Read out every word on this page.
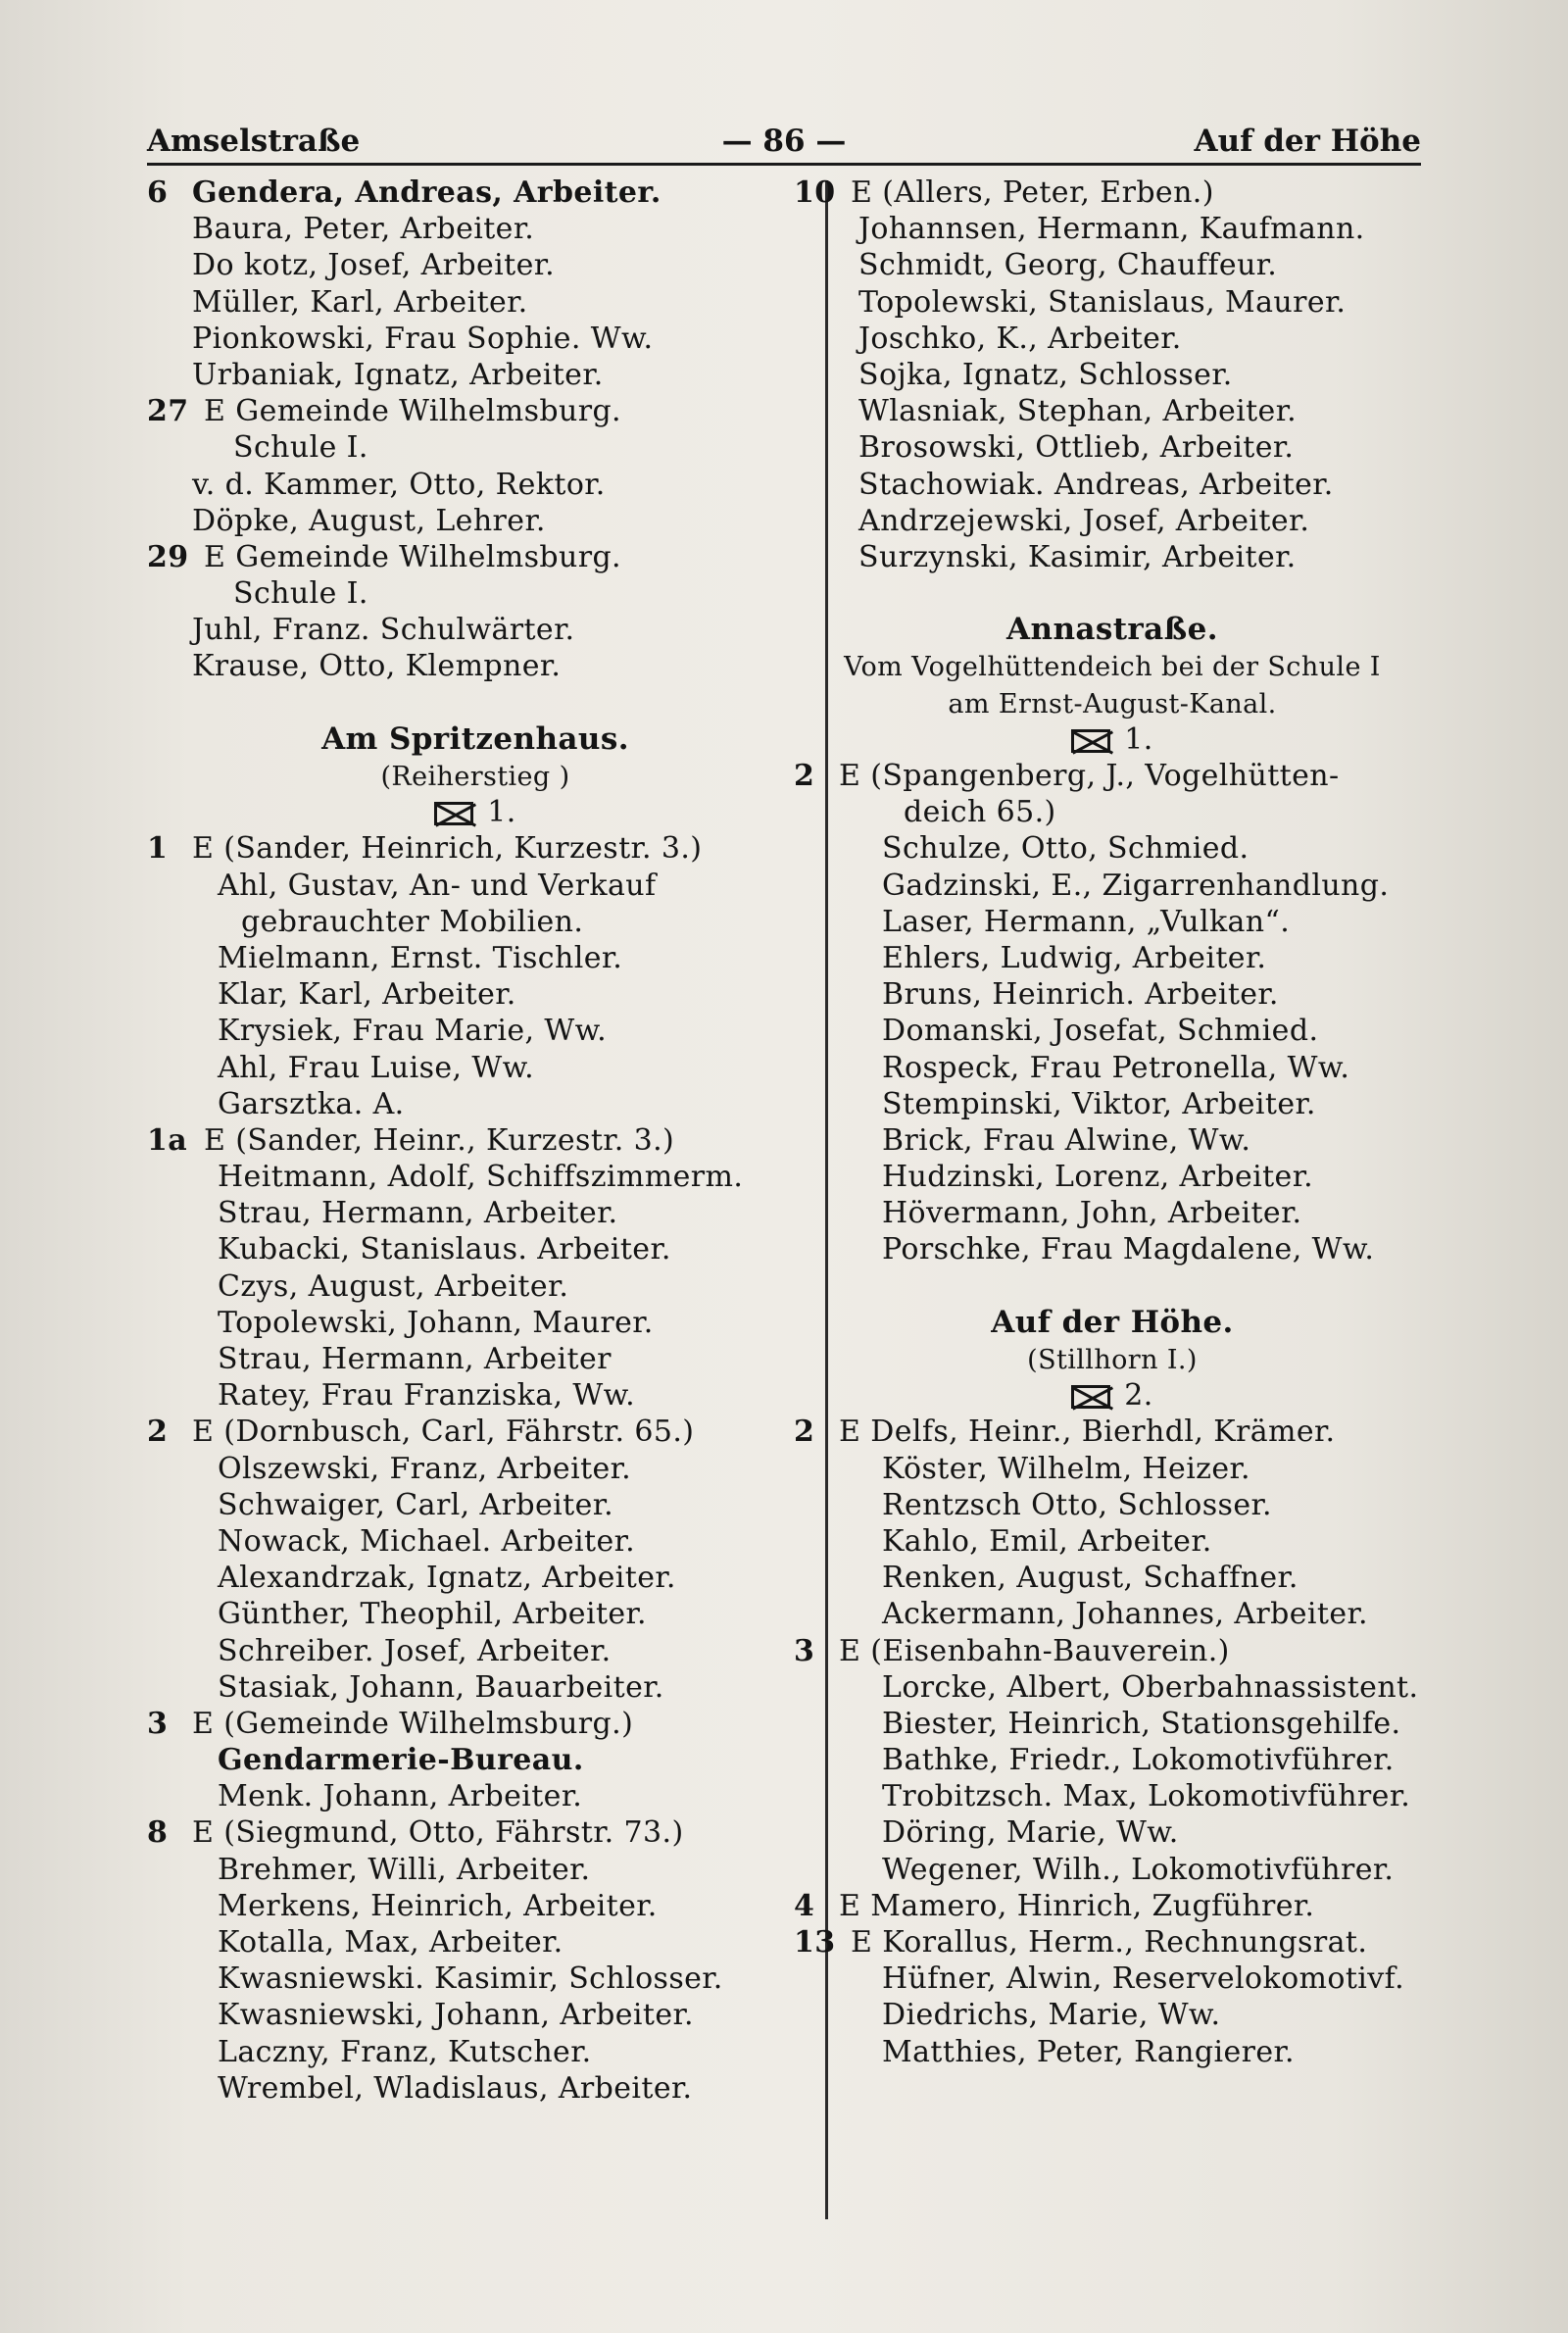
Amselstraße	— 86 —	Auf der Höhe
6 Gendera, Andreas, Arbeiter.
Baura, Peter, Arbeiter.
Do kotz, Josef, Arbeiter.
Müller, Karl, Arbeiter.
Pionkowski, Frau Sophie. Ww.
Urbaniak, Ignatz, Arbeiter.
27 E Gemeinde Wilhelmsburg.
Schule I.
v. d. Kammer, Otto, Rektor.
Döpke, August, Lehrer.
29 E Gemeinde Wilhelmsburg.
Schule I.
Juhl, Franz. Schulwärter.
Krause, Otto, Klempner.
Am Spritzenhaus.
(Reiherstieg )
1.
1 E (Sander, Heinrich, Kurzestr. 3.)
Ahl, Gustav, An- und Verkauf
gebrauchter Mobilien.
Mielmann, Ernst. Tischler.
Klar, Karl, Arbeiter.
Krysiek, Frau Marie, Ww.
Ahl, Frau Luise, Ww.
Garsztka. A.
1a E (Sander, Heinr., Kurzestr. 3.)
Heitmann, Adolf, Schiffszimmerm.
Strau, Hermann, Arbeiter.
Kubacki, Stanislaus. Arbeiter.
Czys, August, Arbeiter.
Topolewski, Johann, Maurer.
Strau, Hermann, Arbeiter
Ratey, Frau Franziska, Ww.
2 E (Dornbusch, Carl, Fährstr. 65.)
Olszewski, Franz, Arbeiter.
Schwaiger, Carl, Arbeiter.
Nowack, Michael. Arbeiter.
Alexandrzak, Ignatz, Arbeiter.
Günther, Theophil, Arbeiter.
Schreiber. Josef, Arbeiter.
Stasiak, Johann, Bauarbeiter.
3 E (Gemeinde Wilhelmsburg.)
Gendarmerie-Bureau.
Menk. Johann, Arbeiter.
8 E (Siegmund, Otto, Fährstr. 73.)
Brehmer, Willi, Arbeiter.
Merkens, Heinrich, Arbeiter.
Kotalla, Max, Arbeiter.
Kwasniewski. Kasimir, Schlosser.
Kwasniewski, Johann, Arbeiter.
Laczny, Franz, Kutscher.
Wrembel, Wladislaus, Arbeiter.
10 E (Allers, Peter, Erben.)
Johannsen, Hermann, Kaufmann.
Schmidt, Georg, Chauffeur.
Topolewski, Stanislaus, Maurer.
Joschko, K., Arbeiter.
Sojka, Ignatz, Schlosser.
Wlasniak, Stephan, Arbeiter.
Brosowski, Ottlieb, Arbeiter.
Stachowiak. Andreas, Arbeiter.
Andrzejewski, Josef, Arbeiter.
Surzynski, Kasimir, Arbeiter.
Annastraße.
Vom Vogelhüttendeich bei der Schule I
am Ernst-August-Kanal.
1.
2 E (Spangenberg, J., Vogelhütten-
deich 65.)
Schulze, Otto, Schmied.
Gadzinski, E., Zigarrenhandlung.
Laser, Hermann, „Vulkan“.
Ehlers, Ludwig, Arbeiter.
Bruns, Heinrich. Arbeiter.
Domanski, Josefat, Schmied.
Rospeck, Frau Petronella, Ww.
Stempinski, Viktor, Arbeiter.
Brick, Frau Alwine, Ww.
Hudzinski, Lorenz, Arbeiter.
Hövermann, John, Arbeiter.
Porschke, Frau Magdalene, Ww.
Auf der Höhe.
(Stillhorn I.)
2.
2 E Delfs, Heinr., Bierhdl, Krämer.
Köster, Wilhelm, Heizer.
Rentzsch Otto, Schlosser.
Kahlo, Emil, Arbeiter.
Renken, August, Schaffner.
Ackermann, Johannes, Arbeiter.
3 E (Eisenbahn-Bauverein.)
Lorcke, Albert, Oberbahnassistent.
Biester, Heinrich, Stationsgehilfe.
Bathke, Friedr., Lokomotivführer.
Trobitzsch. Max, Lokomotivführer.
Döring, Marie, Ww.
Wegener, Wilh., Lokomotivführer.
4 E Mamero, Hinrich, Zugführer.
13 E Korallus, Herm., Rechnungsrat.
Hüfner, Alwin, Reservelokomotivf.
Diedrichs, Marie, Ww.
Matthies, Peter, Rangierer.
